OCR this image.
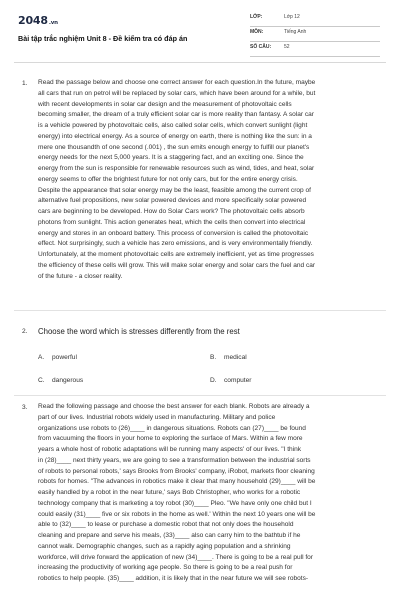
2048.vn
Bài tập trắc nghiệm Unit 8 - Đề kiểm tra có đáp án
LỚP:	Lớp 12
MÔN:	Tiếng Anh
SỐ CÂU:	52
1. Read the passage below and choose one correct answer for each question.In the future, maybe
all cars that run on petrol will be replaced by solar cars, which have been around for a while, but
with recent developments in solar car design and the measurement of photovoltaic cells
becoming smaller, the dream of a truly efficient solar car is more reality than fantasy. A solar car
is a vehicle powered by photovoltaic cells, also called solar cells, which convert sunlight (light
energy) into electrical energy. As a source of energy on earth, there is nothing like the sun: in a
mere one thousandth of one second (.001) , the sun emits enough energy to fulfill our planet's
energy needs for the next 5,000 years. It is a staggering fact, and an exciting one. Since the
energy from the sun is responsible for renewable resources such as wind, tides, and heat, solar
energy seems to offer the brightest future for not only cars, but for the entire energy crisis.
Despite the appearance that solar energy may be the least, feasible among the current crop of
alternative fuel propositions, new solar powered devices and more specifically solar powered
cars are beginning to be developed. How do Solar Cars work? The photovoltaic cells absorb
photons from sunlight. This action generates heat, which the cells then convert into electrical
energy and stores in an onboard battery. This process of conversion is called the photovoltaic
effect. Not surprisingly, such a vehicle has zero emissions, and is very environmentally friendly.
Unfortunately, at the moment photovoltaic cells are extremely inefficient, yet as time progresses
the efficiency of these cells will grow. This will make solar energy and solar cars the fuel and car
of the future - a closer reality.
2. Choose the word which is stresses differently from the rest
A. powerful	B. medical
C. dangerous	D. computer
3. Read the following passage and choose the best answer for each blank. Robots are already a
part of our lives. Industrial robots widely used in manufacturing. Military and police
organizations use robots to (26)____ in dangerous situations. Robots can (27)____ be found
from vacuuming the floors in your home to exploring the surface of Mars. Within a few more
years a whole host of robotic adaptations will be running many aspects' of our lives. "I think
in (28)____ next thirty years, we are going to see a transformation between the industrial sorts
of robots to personal robots,' says Brooks from Brooks' company, iRobot, markets floor cleaning
robots for homes. "The advances in robotics make it clear that many household (29)____ will be
easily handled by a robot in the near future,' says Bob Christopher, who works for a robotic
technology company that is marketing a toy robot (30)____ Pleo. "We have only one child but I
could easily (31)____ five or six robots in the home as well.' Within the next 10 years one will be
able to (32)____ to lease or purchase a domestic robot that not only does the household
cleaning and prepare and serve his meals, (33)____ also can carry him to the bathtub if he
cannot walk. Demographic changes, such as a rapidly aging population and a shrinking
workforce, will drive forward the application of new (34)____. There is going to be a real pull for
increasing the productivity of working age people. So there is going to be a real push for
robotics to help people. (35)____ addition, it is likely that in the near future we will see robots-
